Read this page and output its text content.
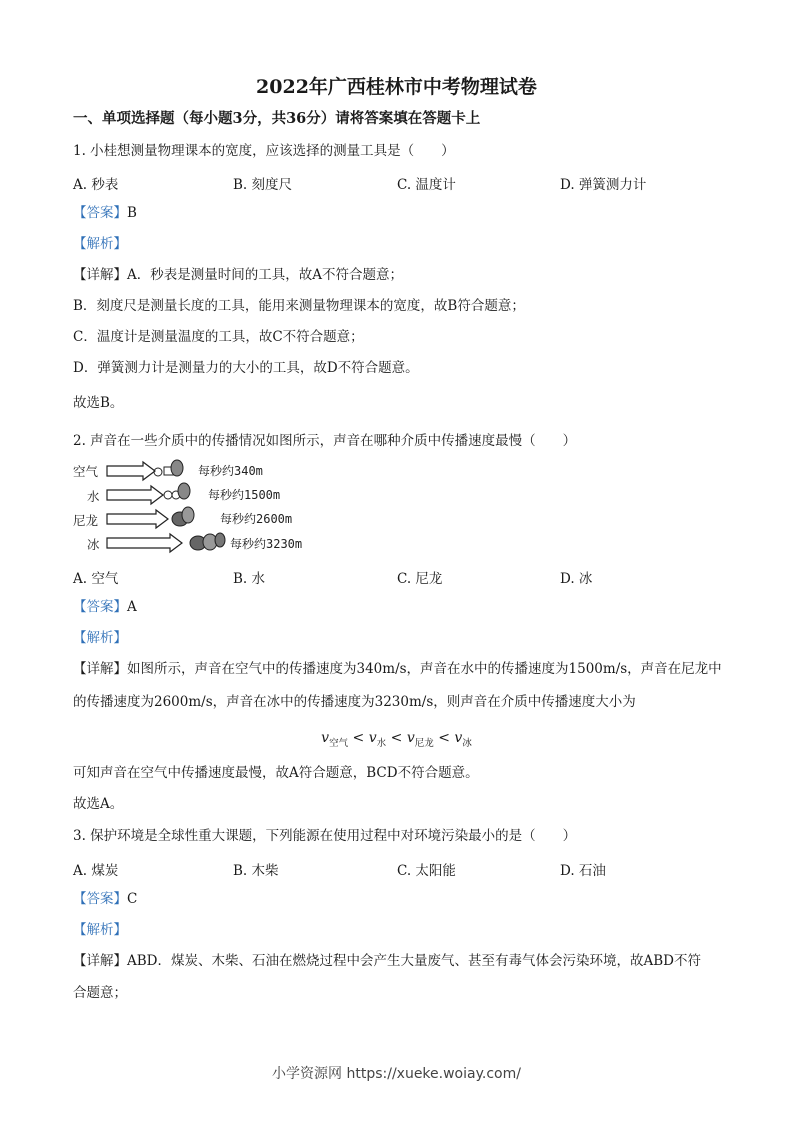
2022年广西桂林市中考物理试卷
一、单项选择题（每小题3分，共36分）请将答案填在答题卡上
1. 小桂想测量物理课本的宽度，应该选择的测量工具是（　　）
A. 秒表	B. 刻度尺	C. 温度计	D. 弹簧测力计
【答案】B
【解析】
【详解】A．秒表是测量时间的工具，故A不符合题意；
B．刻度尺是测量长度的工具，能用来测量物理课本的宽度，故B符合题意；
C．温度计是测量温度的工具，故C不符合题意；
D．弹簧测力计是测量力的大小的工具，故D不符合题意。
故选B。
2. 声音在一些介质中的传播情况如图所示，声音在哪种介质中传播速度最慢（　　）
空气	每秒约340m
水	每秒约1500m
尼龙	每秒约2600m
冰	每秒约3230m
A. 空气	B. 水	C. 尼龙	D. 冰
【答案】A
【解析】
【详解】如图所示，声音在空气中的传播速度为340m/s，声音在水中的传播速度为1500m/s，声音在尼龙中
的传播速度为2600m/s，声音在冰中的传播速度为3230m/s，则声音在介质中传播速度大小为
$v_{空气} < v_水 < v_{尼龙} < v_冰$
可知声音在空气中传播速度最慢，故A符合题意，BCD不符合题意。
故选A。
3. 保护环境是全球性重大课题，下列能源在使用过程中对环境污染最小的是（　　）
A. 煤炭	B. 木柴	C. 太阳能	D. 石油
【答案】C
【解析】
【详解】ABD．煤炭、木柴、石油在燃烧过程中会产生大量废气、甚至有毒气体会污染环境，故ABD不符
合题意；
小学资源网 https://xueke.woiay.com/
